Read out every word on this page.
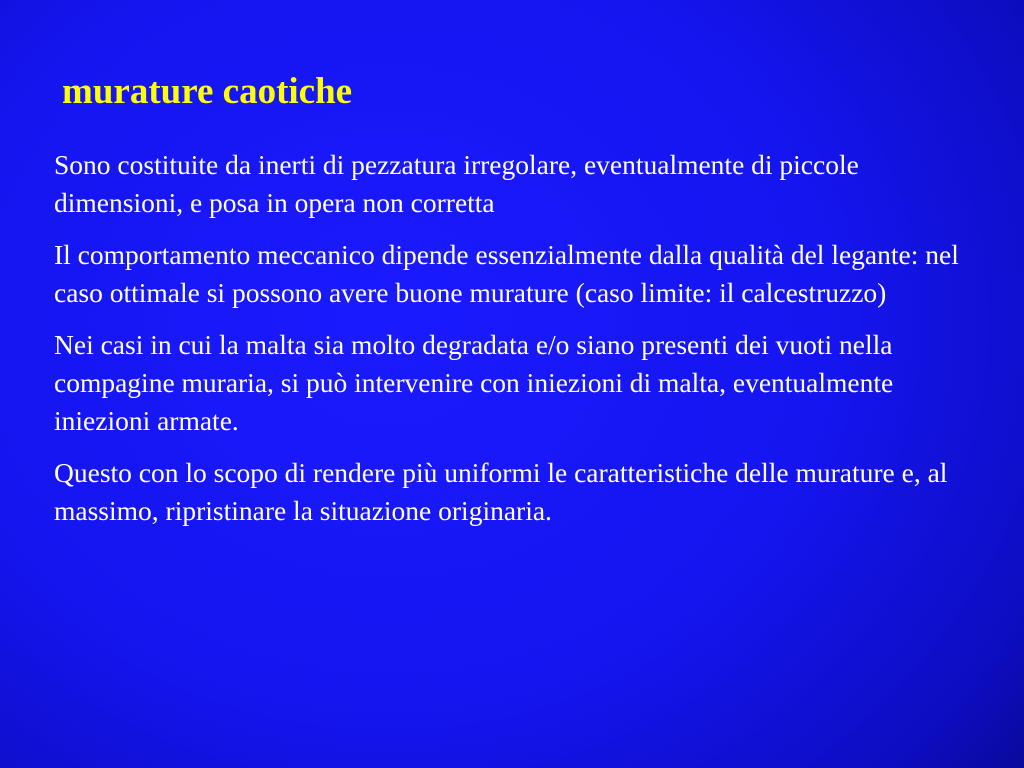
murature caotiche

Sono costituite da inerti di pezzatura irregolare, eventualmente di piccole dimensioni, e posa in opera non corretta

Il comportamento meccanico dipende essenzialmente dalla qualità del legante: nel caso ottimale si possono avere buone murature (caso limite: il calcestruzzo)

Nei casi in cui la malta sia molto degradata e/o siano presenti dei vuoti nella compagine muraria, si può intervenire con iniezioni di malta, eventualmente iniezioni armate.

Questo con lo scopo di rendere più uniformi le caratteristiche delle murature e, al massimo, ripristinare la situazione originaria.
